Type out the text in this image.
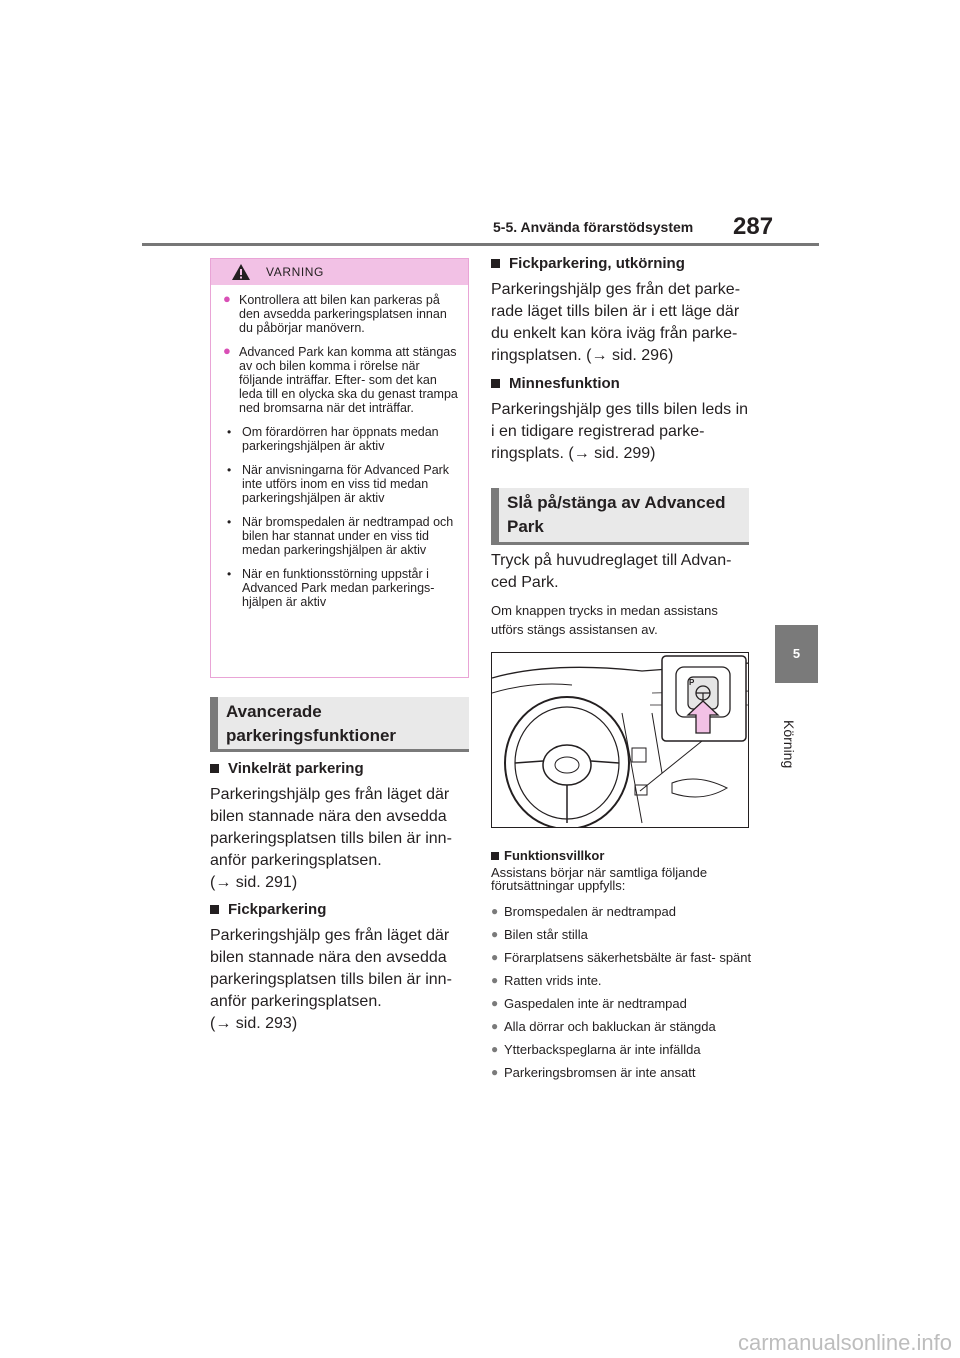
5-5. Använda förarstödsystem 287
5
Körning
VARNING
● Kontrollera att bilen kan parkeras på den avsedda parkeringsplatsen innan du påbörjar manövern.
● Advanced Park kan komma att stängas av och bilen komma i rörelse när följande inträffar. Efter- som det kan leda till en olycka ska du genast trampa ned bromsarna när det inträffar.
• Om förardörren har öppnats medan parkeringshjälpen är aktiv
• När anvisningarna för Advanced Park inte utförs inom en viss tid medan parkeringshjälpen är aktiv
• När bromspedalen är nedtrampad och bilen har stannat under en viss tid medan parkeringshjälpen är aktiv
• När en funktionsstörning uppstår i Advanced Park medan parkerings- hjälpen är aktiv
Avancerade
parkeringsfunktioner
Vinkelrät parkering
Parkeringshjälp ges från läget där bilen stannade nära den avsedda parkeringsplatsen tills bilen är inn- anför parkeringsplatsen.
(→ sid. 291)
Fickparkering
Parkeringshjälp ges från läget där bilen stannade nära den avsedda parkeringsplatsen tills bilen är inn- anför parkeringsplatsen.
(→ sid. 293)
Fickparkering, utkörning
Parkeringshjälp ges från det parke- rade läget tills bilen är i ett läge där du enkelt kan köra iväg från parke- ringsplatsen. (→ sid. 296)
Minnesfunktion
Parkeringshjälp ges tills bilen leds in i en tidigare registrerad parke- ringsplats. (→ sid. 299)
Slå på/stänga av Advanced
Park
Tryck på huvudreglaget till Advan- ced Park.
Om knappen trycks in medan assistans utförs stängs assistansen av.
P
Funktionsvillkor
Assistans börjar när samtliga följande förutsättningar uppfylls:
● Bromspedalen är nedtrampad
● Bilen står stilla
● Förarplatsens säkerhetsbälte är fast- spänt
● Ratten vrids inte.
● Gaspedalen inte är nedtrampad
● Alla dörrar och bakluckan är stängda
● Ytterbackspeglarna är inte infällda
● Parkeringsbromsen är inte ansatt
carmanualsonline.info
